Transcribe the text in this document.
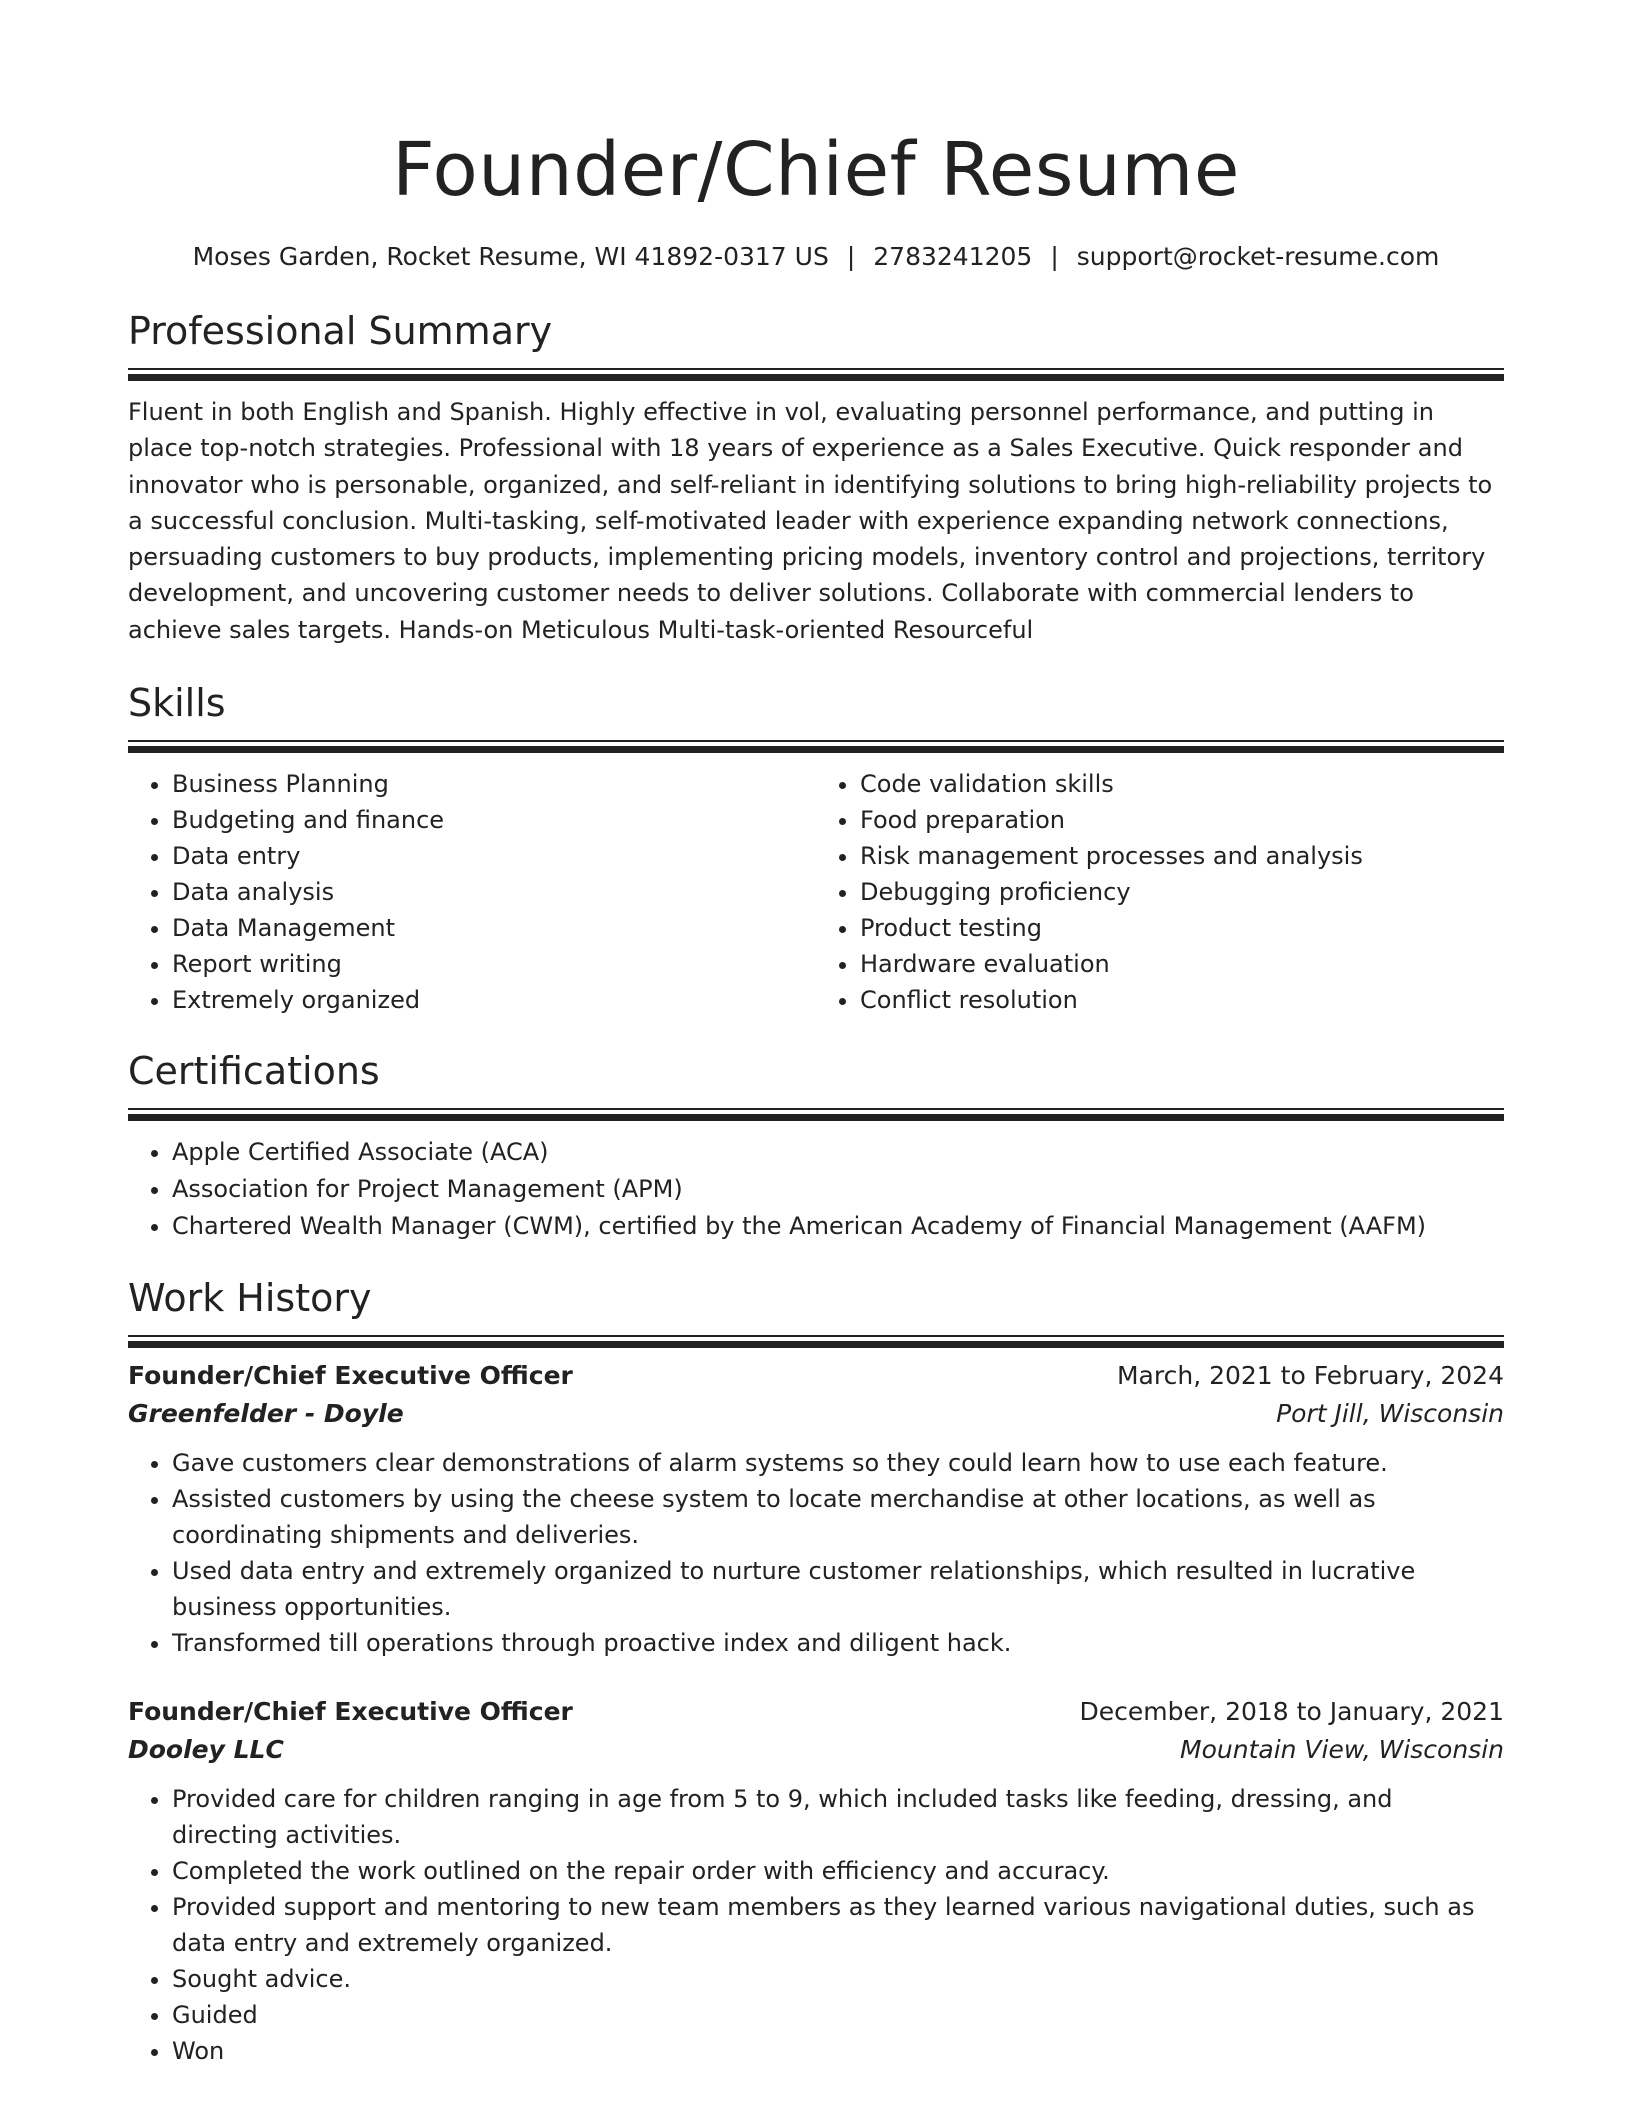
Founder/Chief Resume
Moses Garden, Rocket Resume, WI 41892-0317 US | 2783241205 | support@rocket-resume.com
Professional Summary

Fluent in both English and Spanish. Highly effective in vol, evaluating personnel performance, and putting in place top-notch strategies. Professional with 18 years of experience as a Sales Executive. Quick responder and innovator who is personable, organized, and self-reliant in identifying solutions to bring high-reliability projects to a successful conclusion. Multi-tasking, self-motivated leader with experience expanding network connections, persuading customers to buy products, implementing pricing models, inventory control and projections, territory development, and uncovering customer needs to deliver solutions. Collaborate with commercial lenders to achieve sales targets. Hands-on Meticulous Multi-task-oriented Resourceful

Skills
• Business Planning
• Budgeting and finance
• Data entry
• Data analysis
• Data Management
• Report writing
• Extremely organized
• Code validation skills
• Food preparation
• Risk management processes and analysis
• Debugging proficiency
• Product testing
• Hardware evaluation
• Conflict resolution
Certifications
• Apple Certified Associate (ACA)
• Association for Project Management (APM)
• Chartered Wealth Manager (CWM), certified by the American Academy of Financial Management (AAFM)
Work History
Founder/Chief Executive Officer	March, 2021 to February, 2024
Greenfelder - Doyle	Port Jill, Wisconsin
• Gave customers clear demonstrations of alarm systems so they could learn how to use each feature.
• Assisted customers by using the cheese system to locate merchandise at other locations, as well as coordinating shipments and deliveries.
• Used data entry and extremely organized to nurture customer relationships, which resulted in lucrative business opportunities.
• Transformed till operations through proactive index and diligent hack.
Founder/Chief Executive Officer	December, 2018 to January, 2021
Dooley LLC	Mountain View, Wisconsin
• Provided care for children ranging in age from 5 to 9, which included tasks like feeding, dressing, and directing activities.
• Completed the work outlined on the repair order with efficiency and accuracy.
• Provided support and mentoring to new team members as they learned various navigational duties, such as data entry and extremely organized.
• Sought advice.
• Guided
• Won
